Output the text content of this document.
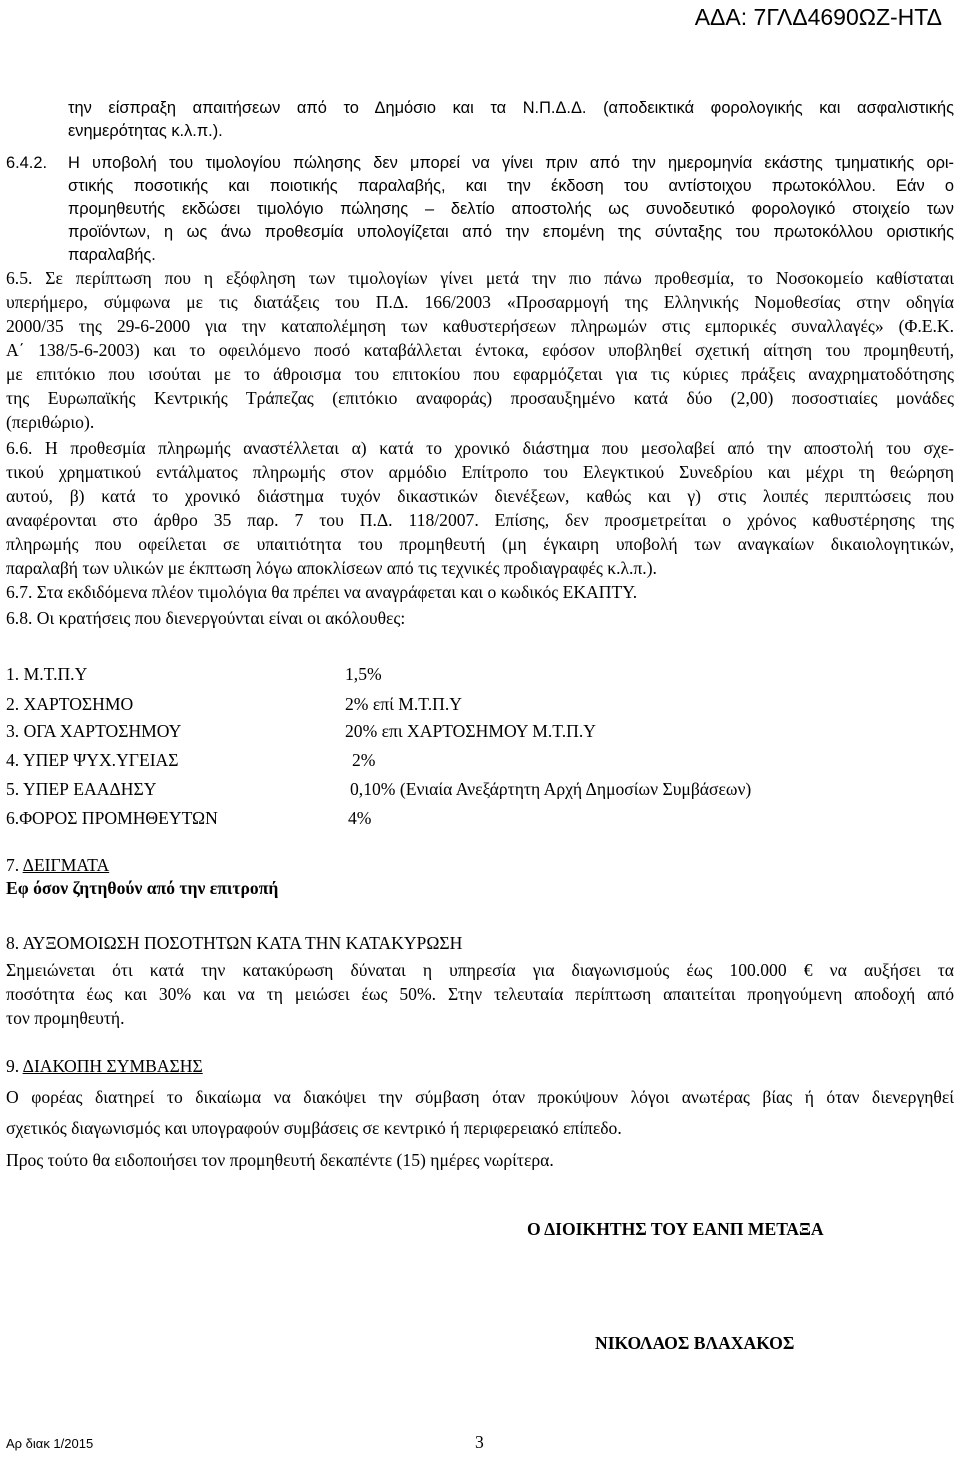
ΑΔΑ: 7ΓΛΔ4690ΩΖ-ΗΤΔ
την είσπραξη απαιτήσεων από το Δημόσιο και τα Ν.Π.Δ.Δ. (αποδεικτικά φορολογικής και ασφαλιστικής
ενημερότητας κ.λ.π.).
6.4.2. Η υποβολή του τιμολογίου πώλησης δεν μπορεί να γίνει πριν από την ημερομηνία εκάστης τμηματικής ορι-
στικής ποσοτικής και ποιοτικής παραλαβής, και την έκδοση του αντίστοιχου πρωτοκόλλου. Εάν ο
προμηθευτής εκδώσει τιμολόγιο πώλησης – δελτίο αποστολής ως συνοδευτικό φορολογικό στοιχείο των
προϊόντων, η ως άνω προθεσμία υπολογίζεται από την επομένη της σύνταξης του πρωτοκόλλου οριστικής
παραλαβής.
6.5. Σε περίπτωση που η εξόφληση των τιμολογίων γίνει μετά την πιο πάνω προθεσμία, το Νοσοκομείο καθίσταται
υπερήμερο, σύμφωνα με τις διατάξεις του Π.Δ. 166/2003 «Προσαρμογή της Ελληνικής Νομοθεσίας στην οδηγία
2000/35 της 29-6-2000 για την καταπολέμηση των καθυστερήσεων πληρωμών στις εμπορικές συναλλαγές» (Φ.Ε.Κ.
Α΄ 138/5-6-2003) και το οφειλόμενο ποσό καταβάλλεται έντοκα, εφόσον υποβληθεί σχετική αίτηση του προμηθευτή,
με επιτόκιο που ισούται με το άθροισμα του επιτοκίου που εφαρμόζεται για τις κύριες πράξεις αναχρηματοδότησης
της Ευρωπαϊκής Κεντρικής Τράπεζας (επιτόκιο αναφοράς) προσαυξημένο κατά δύο (2,00) ποσοστιαίες μονάδες
(περιθώριο).
6.6. Η προθεσμία πληρωμής αναστέλλεται α) κατά το χρονικό διάστημα που μεσολαβεί από την αποστολή του σχε-
τικού χρηματικού εντάλματος πληρωμής στον αρμόδιο Επίτροπο του Ελεγκτικού Συνεδρίου και μέχρι τη θεώρηση
αυτού, β) κατά το χρονικό διάστημα τυχόν δικαστικών διενέξεων, καθώς και γ) στις λοιπές περιπτώσεις που
αναφέρονται στο άρθρο 35 παρ. 7 του Π.Δ. 118/2007. Επίσης, δεν προσμετρείται ο χρόνος καθυστέρησης της
πληρωμής που οφείλεται σε υπαιτιότητα του προμηθευτή (μη έγκαιρη υποβολή των αναγκαίων δικαιολογητικών,
παραλαβή των υλικών με έκπτωση λόγω αποκλίσεων από τις τεχνικές προδιαγραφές κ.λ.π.).
6.7. Στα εκδιδόμενα πλέον τιμολόγια θα πρέπει να αναγράφεται και ο κωδικός ΕΚΑΠΤΥ.
6.8. Οι κρατήσεις που διενεργούνται είναι οι ακόλουθες:
1. Μ.Τ.Π.Υ	1,5%
2. ΧΑΡΤΟΣΗΜΟ	2% επί Μ.Τ.Π.Υ
3. ΟΓΑ ΧΑΡΤΟΣΗΜΟΥ	20% επι ΧΑΡΤΟΣΗΜΟΥ Μ.Τ.Π.Υ
4. ΥΠΕΡ ΨΥΧ.ΥΓΕΙΑΣ	2%
5. ΥΠΕΡ ΕΑΑΔΗΣΥ	0,10% (Ενιαία Ανεξάρτητη Αρχή Δημοσίων Συμβάσεων)
6.ΦΟΡΟΣ ΠΡΟΜΗΘΕΥΤΩΝ	4%
7. ΔΕΙΓΜΑΤΑ
Εφ όσον ζητηθούν από την επιτροπή
8. ΑΥΞΟΜΟΙΩΣΗ ΠΟΣΟΤΗΤΩΝ ΚΑΤΑ ΤΗΝ ΚΑΤΑΚΥΡΩΣΗ
Σημειώνεται ότι κατά την κατακύρωση δύναται η υπηρεσία για διαγωνισμούς έως 100.000 € να αυξήσει τα
ποσότητα έως και 30% και να τη μειώσει έως 50%. Στην τελευταία περίπτωση απαιτείται προηγούμενη αποδοχή από
τον προμηθευτή.
9. ΔΙΑΚΟΠΗ ΣΥΜΒΑΣΗΣ
Ο φορέας διατηρεί το δικαίωμα να διακόψει την σύμβαση όταν προκύψουν λόγοι ανωτέρας βίας ή όταν διενεργηθεί
σχετικός διαγωνισμός και υπογραφούν συμβάσεις σε κεντρικό ή περιφερειακό επίπεδο.
Προς τούτο θα ειδοποιήσει τον προμηθευτή δεκαπέντε (15) ημέρες νωρίτερα.
Ο ΔΙΟΙΚΗΤΗΣ ΤΟΥ ΕΑΝΠ ΜΕΤΑΞΑ
ΝΙΚΟΛΑΟΣ ΒΛΑΧΑΚΟΣ
Αρ διακ 1/2015	3
